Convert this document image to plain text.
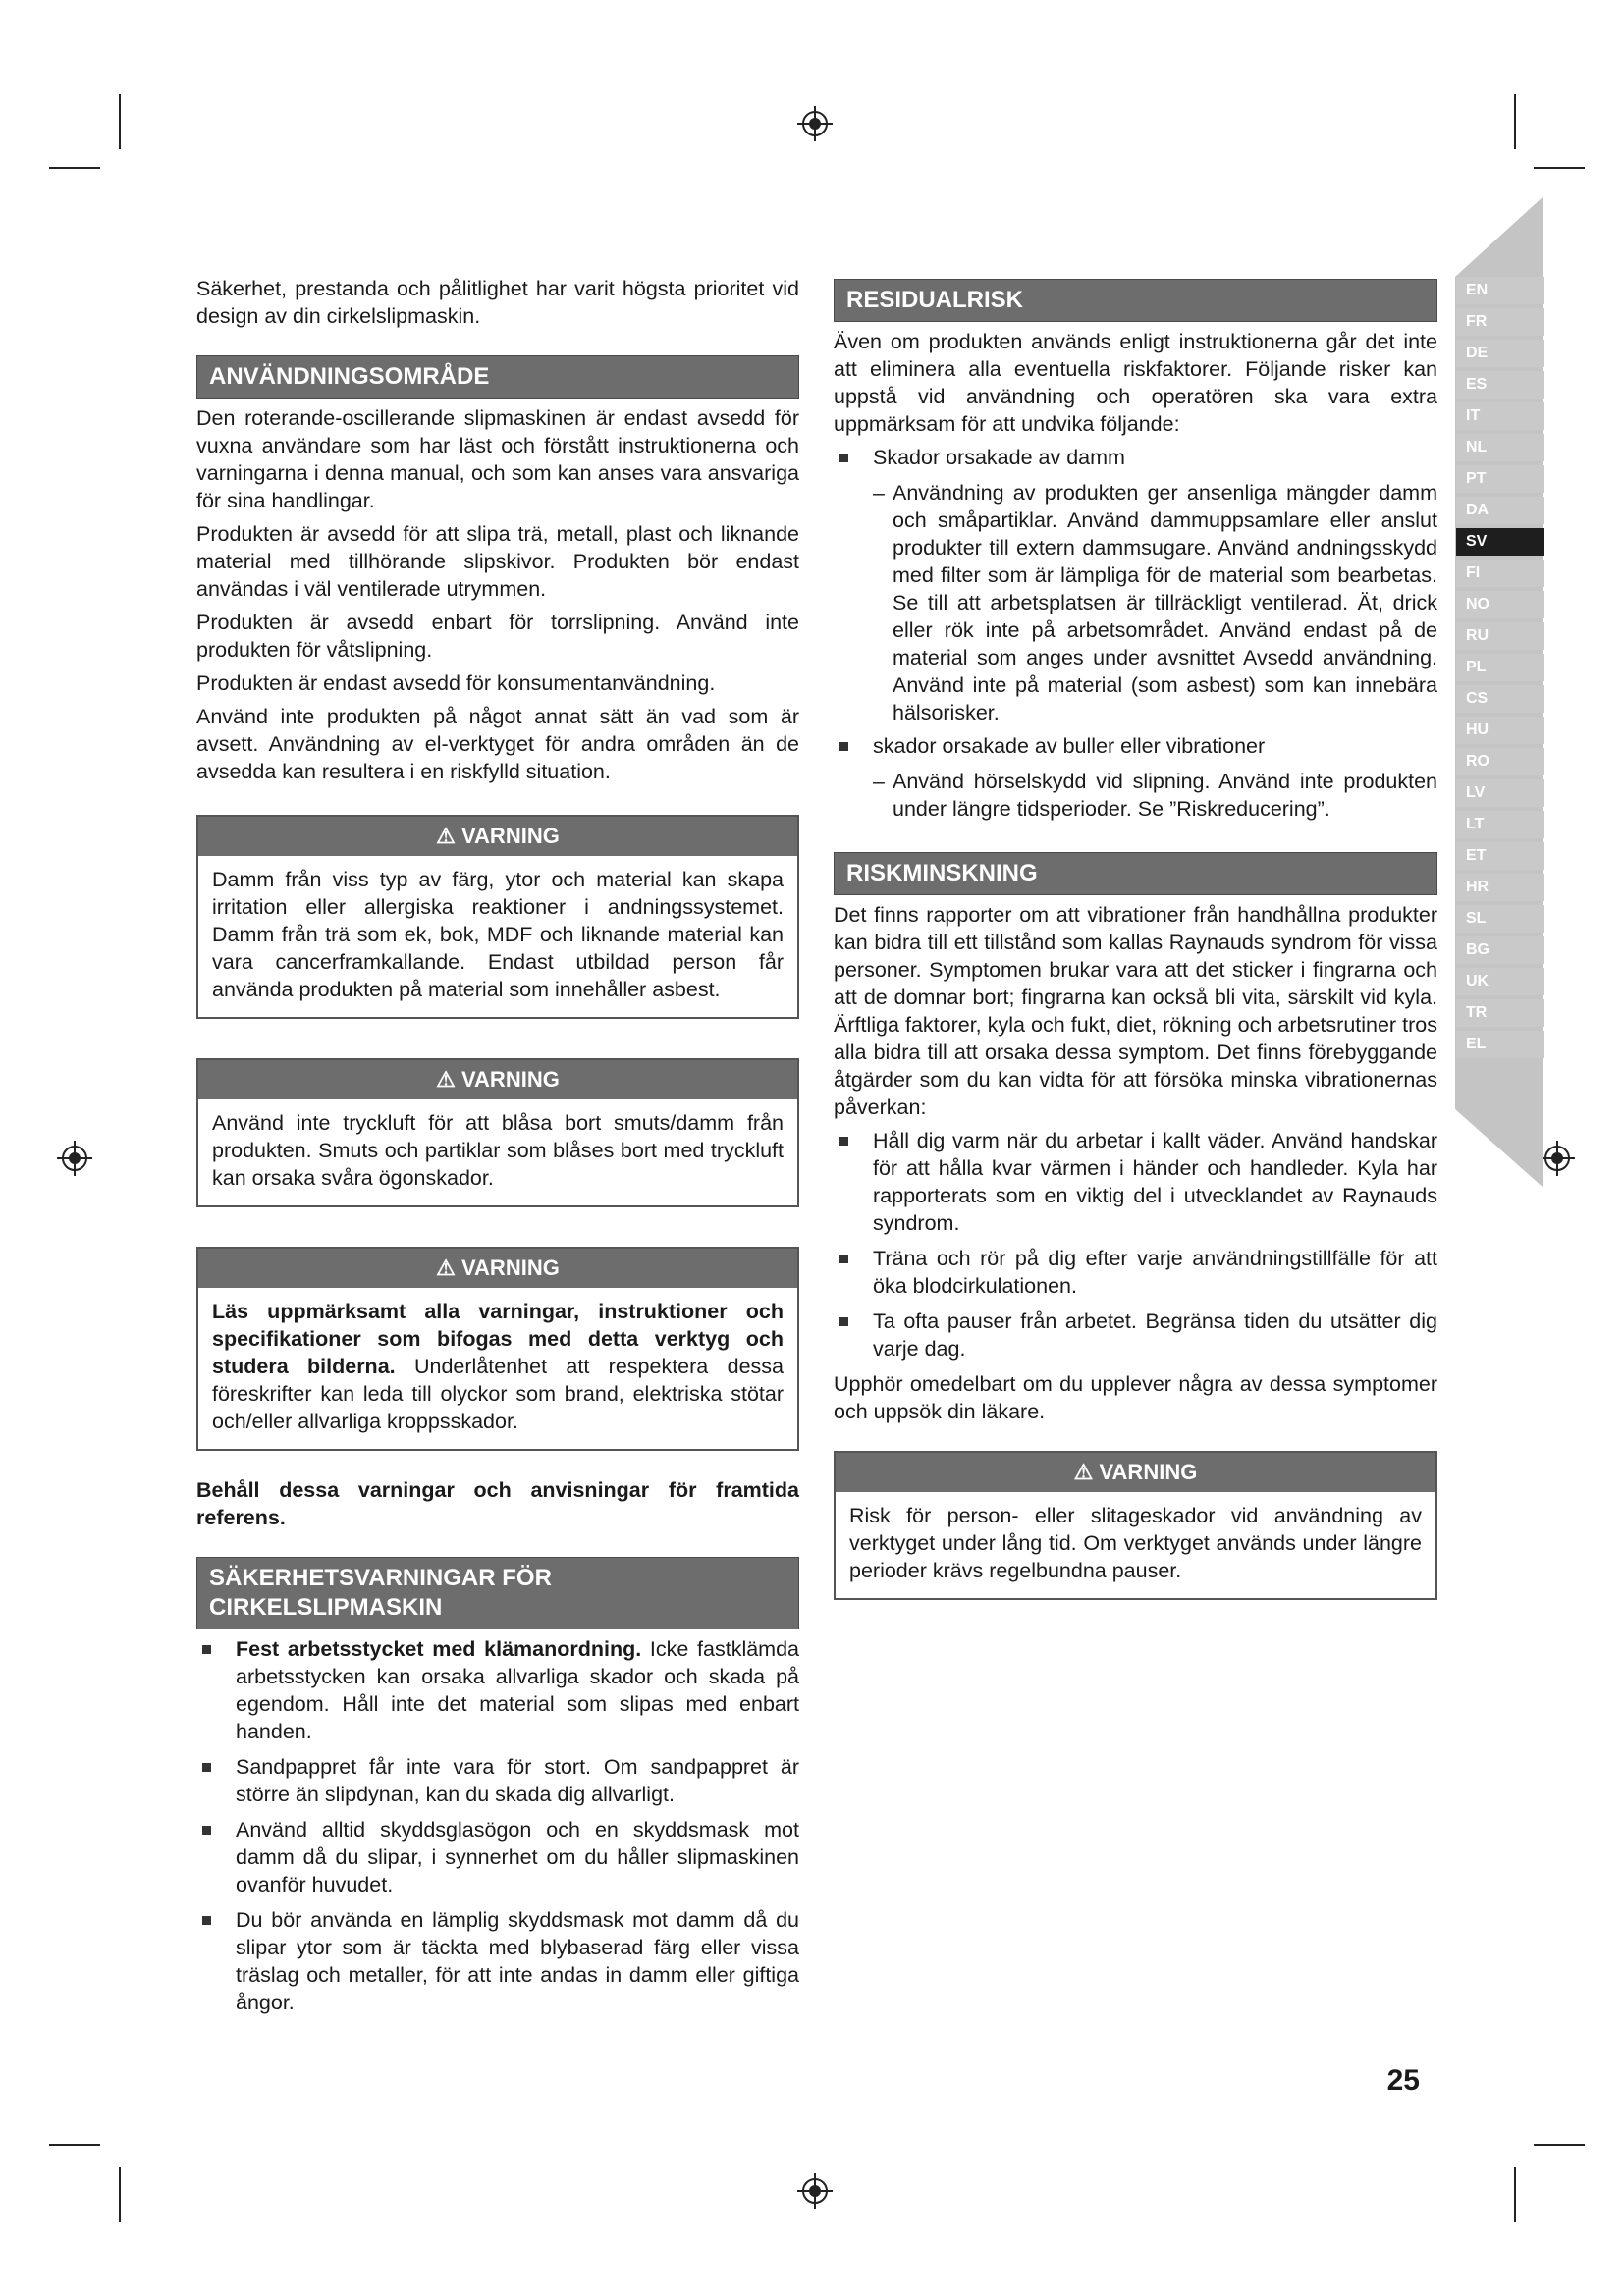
EN
FR
DE
ES
IT
NL
PT
DA
SV
FI
NO
RU
PL
CS
HU
RO
LV
LT
ET
HR
SL
BG
UK
TR
EL

Säkerhet, prestanda och pålitlighet har varit högsta prioritet vid design av din cirkelslipmaskin.

ANVÄNDNINGSOMRÅDE

Den roterande-oscillerande slipmaskinen är endast avsedd för vuxna användare som har läst och förstått instruktionerna och varningarna i denna manual, och som kan anses vara ansvariga för sina handlingar.

Produkten är avsedd för att slipa trä, metall, plast och liknande material med tillhörande slipskivor. Produkten bör endast användas i väl ventilerade utrymmen.

Produkten är avsedd enbart för torrslipning. Använd inte produkten för våtslipning.

Produkten är endast avsedd för konsumentanvändning.

Använd inte produkten på något annat sätt än vad som är avsett. Användning av el-verktyget för andra områden än de avsedda kan resultera i en riskfylld situation.

⚠ VARNING

Damm från viss typ av färg, ytor och material kan skapa irritation eller allergiska reaktioner i andningssystemet. Damm från trä som ek, bok, MDF och liknande material kan vara cancerframkallande. Endast utbildad person får använda produkten på material som innehåller asbest.

⚠ VARNING

Använd inte tryckluft för att blåsa bort smuts/damm från produkten. Smuts och partiklar som blåses bort med tryckluft kan orsaka svåra ögonskador.

⚠ VARNING

Läs uppmärksamt alla varningar, instruktioner och specifikationer som bifogas med detta verktyg och studera bilderna. Underlåtenhet att respektera dessa föreskrifter kan leda till olyckor som brand, elektriska stötar och/eller allvarliga kroppsskador.

Behåll dessa varningar och anvisningar för framtida referens.

SÄKERHETSVARNINGAR FÖR CIRKELSLIPMASKIN
Fest arbetsstycket med klämanordning. Icke fastklämda arbetsstycken kan orsaka allvarliga skador och skada på egendom. Håll inte det material som slipas med enbart handen.
Sandpappret får inte vara för stort. Om sandpappret är större än slipdynan, kan du skada dig allvarligt.
Använd alltid skyddsglasögon och en skyddsmask mot damm då du slipar, i synnerhet om du håller slipmaskinen ovanför huvudet.
Du bör använda en lämplig skyddsmask mot damm då du slipar ytor som är täckta med blybaserad färg eller vissa träslag och metaller, för att inte andas in damm eller giftiga ångor.
RESIDUALRISK

Även om produkten används enligt instruktionerna går det inte att eliminera alla eventuella riskfaktorer. Följande risker kan uppstå vid användning och operatören ska vara extra uppmärksam för att undvika följande:

Skador orsakade av damm

– Användning av produkten ger ansenliga mängder damm och småpartiklar. Använd dammuppsamlare eller anslut produkter till extern dammsugare. Använd andningsskydd med filter som är lämpliga för de material som bearbetas. Se till att arbetsplatsen är tillräckligt ventilerad. Ät, drick eller rök inte på arbetsområdet. Använd endast på de material som anges under avsnittet Avsedd användning. Använd inte på material (som asbest) som kan innebära hälsorisker.

skador orsakade av buller eller vibrationer

– Använd hörselskydd vid slipning. Använd inte produkten under längre tidsperioder. Se ”Riskreducering”.

RISKMINSKNING

Det finns rapporter om att vibrationer från handhållna produkter kan bidra till ett tillstånd som kallas Raynauds syndrom för vissa personer. Symptomen brukar vara att det sticker i fingrarna och att de domnar bort; fingrarna kan också bli vita, särskilt vid kyla. Ärftliga faktorer, kyla och fukt, diet, rökning och arbetsrutiner tros alla bidra till att orsaka dessa symptom. Det finns förebyggande åtgärder som du kan vidta för att försöka minska vibrationernas påverkan:

Håll dig varm när du arbetar i kallt väder. Använd handskar för att hålla kvar värmen i händer och handleder. Kyla har rapporterats som en viktig del i utvecklandet av Raynauds syndrom.
Träna och rör på dig efter varje användningstillfälle för att öka blodcirkulationen.
Ta ofta pauser från arbetet. Begränsa tiden du utsätter dig varje dag.

Upphör omedelbart om du upplever några av dessa symptomer och uppsök din läkare.

⚠ VARNING

Risk för person- eller slitageskador vid användning av verktyget under lång tid. Om verktyget används under längre perioder krävs regelbundna pauser.

25
